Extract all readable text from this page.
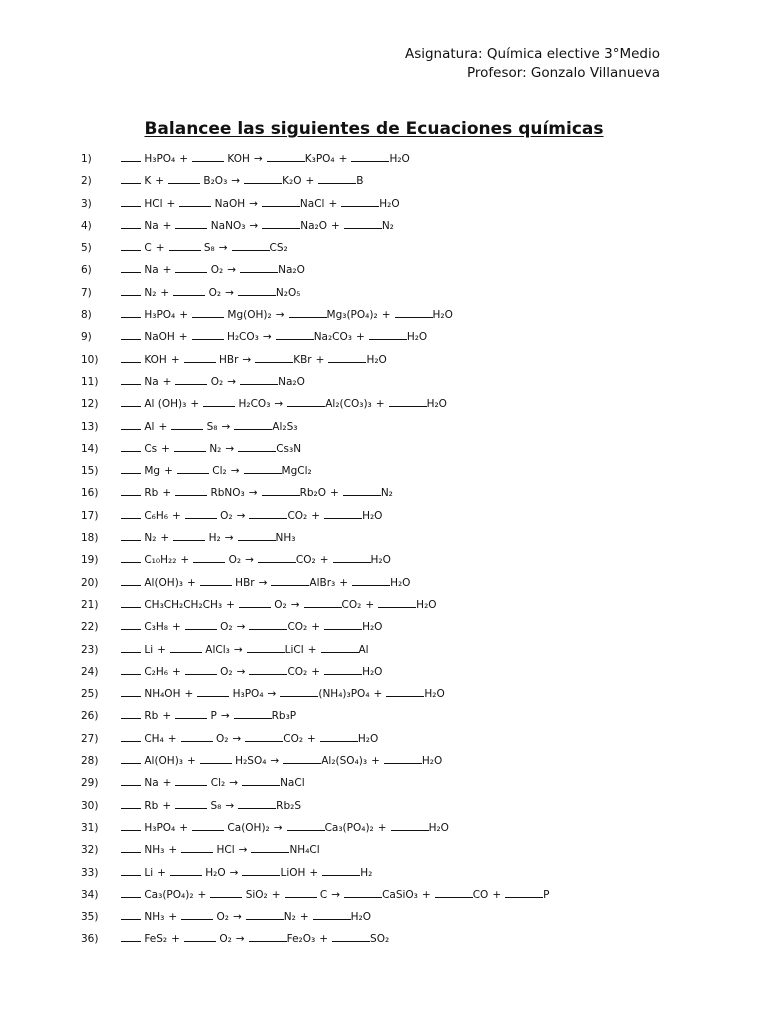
Asignatura: Química elective 3°Medio
Profesor: Gonzalo Villanueva
Balancee las siguientes de Ecuaciones químicas
1)	H₃PO₄ +	KOH →	K₃PO₄ +	H₂O
2)	K +	B₂O₃ →	K₂O +	B
3)	HCl +	NaOH →	NaCl +	H₂O
4)	Na +	NaNO₃ →	Na₂O +	N₂
5)	C +	S₈ →	CS₂
6)	Na +	O₂ →	Na₂O
7)	N₂ +	O₂ →	N₂O₅
8)	H₃PO₄ +	Mg(OH)₂ →	Mg₃(PO₄)₂ +	H₂O
9)	NaOH +	H₂CO₃ →	Na₂CO₃ +	H₂O
10)	KOH +	HBr →	KBr +	H₂O
11)	Na +	O₂ →	Na₂O
12)	Al (OH)₃ +	H₂CO₃ →	Al₂(CO₃)₃ +	H₂O
13)	Al +	S₈ →	Al₂S₃
14)	Cs +	N₂ →	Cs₃N
15)	Mg +	Cl₂ →	MgCl₂
16)	Rb +	RbNO₃ →	Rb₂O +	N₂
17)	C₆H₆ +	O₂ →	CO₂ +	H₂O
18)	N₂ +	H₂ →	NH₃
19)	C₁₀H₂₂ +	O₂ →	CO₂ +	H₂O
20)	Al(OH)₃ +	HBr →	AlBr₃ +	H₂O
21)	CH₃CH₂CH₂CH₃ +	O₂ →	CO₂ +	H₂O
22)	C₃H₈ +	O₂ →	CO₂ +	H₂O
23)	Li +	AlCl₃ →	LiCl +	Al
24)	C₂H₆ +	O₂ →	CO₂ +	H₂O
25)	NH₄OH +	H₃PO₄ →	(NH₄)₃PO₄ +	H₂O
26)	Rb +	P →	Rb₃P
27)	CH₄ +	O₂ →	CO₂ +	H₂O
28)	Al(OH)₃ +	H₂SO₄ →	Al₂(SO₄)₃ +	H₂O
29)	Na +	Cl₂ →	NaCl
30)	Rb +	S₈ →	Rb₂S
31)	H₃PO₄ +	Ca(OH)₂ →	Ca₃(PO₄)₂ +	H₂O
32)	NH₃ +	HCl →	NH₄Cl
33)	Li +	H₂O →	LiOH +	H₂
34)	Ca₃(PO₄)₂ +	SiO₂ +	C →	CaSiO₃ +	CO +	P
35)	NH₃ +	O₂ →	N₂ +	H₂O
36)	FeS₂ +	O₂ →	Fe₂O₃ +	SO₂
